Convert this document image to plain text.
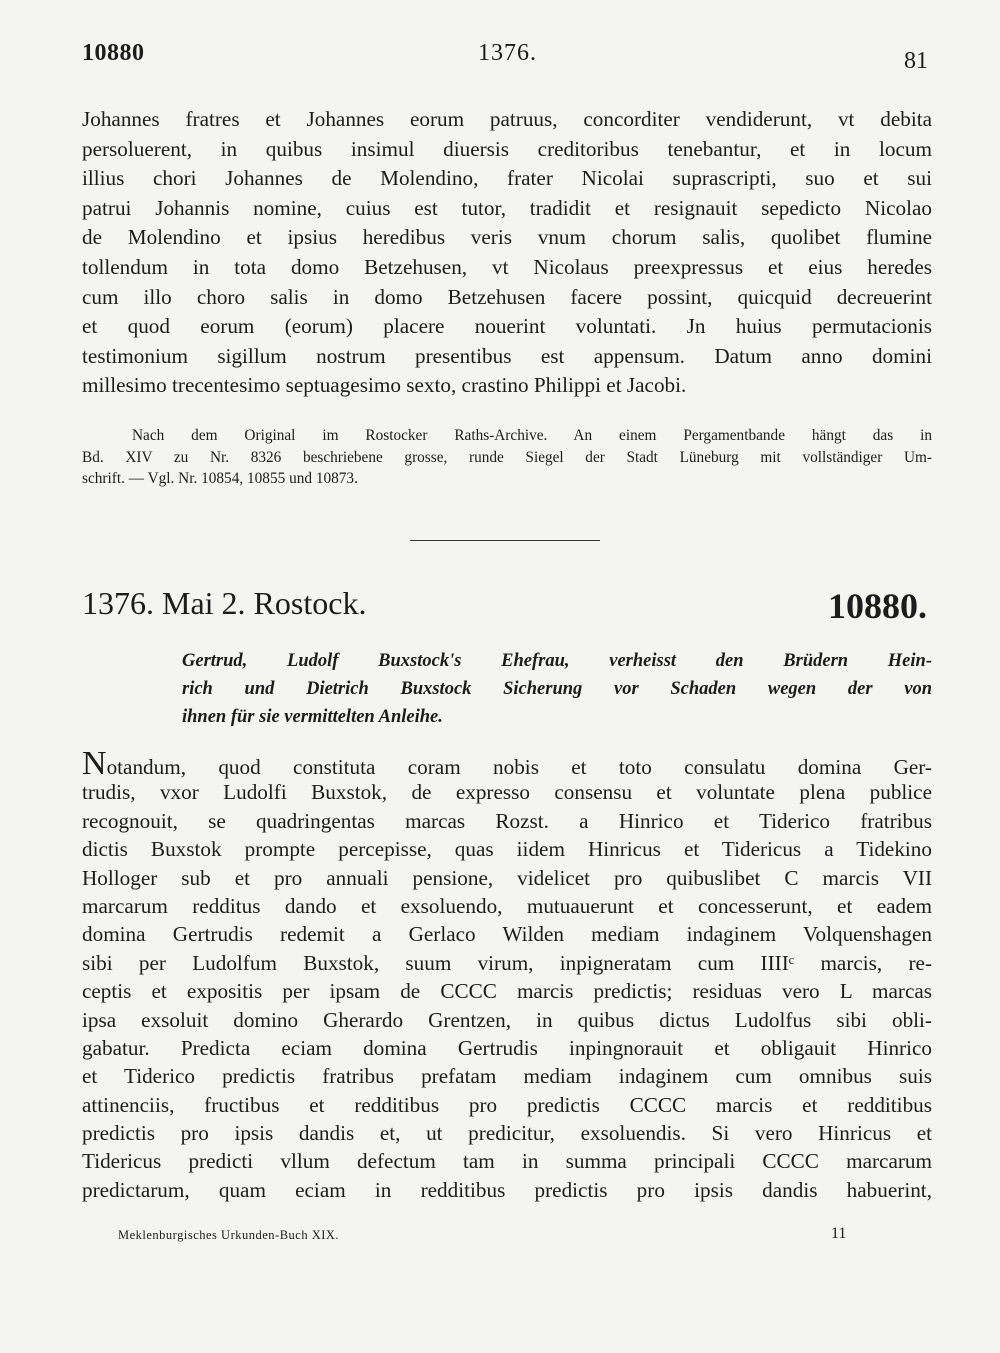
10880	1376.	81
Johannes fratres et Johannes eorum patruus, concorditer vendiderunt, vt debita
persoluerent, in quibus insimul diuersis creditoribus tenebantur, et in locum
illius chori Johannes de Molendino, frater Nicolai suprascripti, suo et sui
patrui Johannis nomine, cuius est tutor, tradidit et resignauit sepedicto Nicolao
de Molendino et ipsius heredibus veris vnum chorum salis, quolibet flumine
tollendum in tota domo Betzehusen, vt Nicolaus preexpressus et eius heredes
cum illo choro salis in domo Betzehusen facere possint, quicquid decreuerint
et quod eorum (eorum) placere nouerint voluntati. Jn huius permutacionis
testimonium sigillum nostrum presentibus est appensum. Datum anno domini
millesimo trecentesimo septuagesimo sexto, crastino Philippi et Jacobi.
Nach dem Original im Rostocker Raths-Archive. An einem Pergamentbande hängt das in
Bd. XIV zu Nr. 8326 beschriebene grosse, runde Siegel der Stadt Lüneburg mit vollständiger Um-
schrift. — Vgl. Nr. 10854, 10855 und 10873.
1376. Mai 2. Rostock.	10880.
Gertrud, Ludolf Buxstock's Ehefrau, verheisst den Brüdern Hein-
rich und Dietrich Buxstock Sicherung vor Schaden wegen der von
ihnen für sie vermittelten Anleihe.
Notandum, quod constituta coram nobis et toto consulatu domina Ger-
trudis, vxor Ludolfi Buxstok, de expresso consensu et voluntate plena publice
recognouit, se quadringentas marcas Rozst. a Hinrico et Tiderico fratribus
dictis Buxstok prompte percepisse, quas iidem Hinricus et Tidericus a Tidekino
Holloger sub et pro annuali pensione, videlicet pro quibuslibet C marcis VII
marcarum redditus dando et exsoluendo, mutuauerunt et concesserunt, et eadem
domina Gertrudis redemit a Gerlaco Wilden mediam indaginem Volquenshagen
sibi per Ludolfum Buxstok, suum virum, inpigneratam cum IIIIᶜ marcis, re-
ceptis et expositis per ipsam de CCCC marcis predictis; residuas vero L marcas
ipsa exsoluit domino Gherardo Grentzen, in quibus dictus Ludolfus sibi obli-
gabatur. Predicta eciam domina Gertrudis inpingnorauit et obligauit Hinrico
et Tiderico predictis fratribus prefatam mediam indaginem cum omnibus suis
attinenciis, fructibus et redditibus pro predictis CCCC marcis et redditibus
predictis pro ipsis dandis et, ut predicitur, exsoluendis. Si vero Hinricus et
Tidericus predicti vllum defectum tam in summa principali CCCC marcarum
predictarum, quam eciam in redditibus predictis pro ipsis dandis habuerint,
Meklenburgisches Urkunden-Buch XIX.	11
